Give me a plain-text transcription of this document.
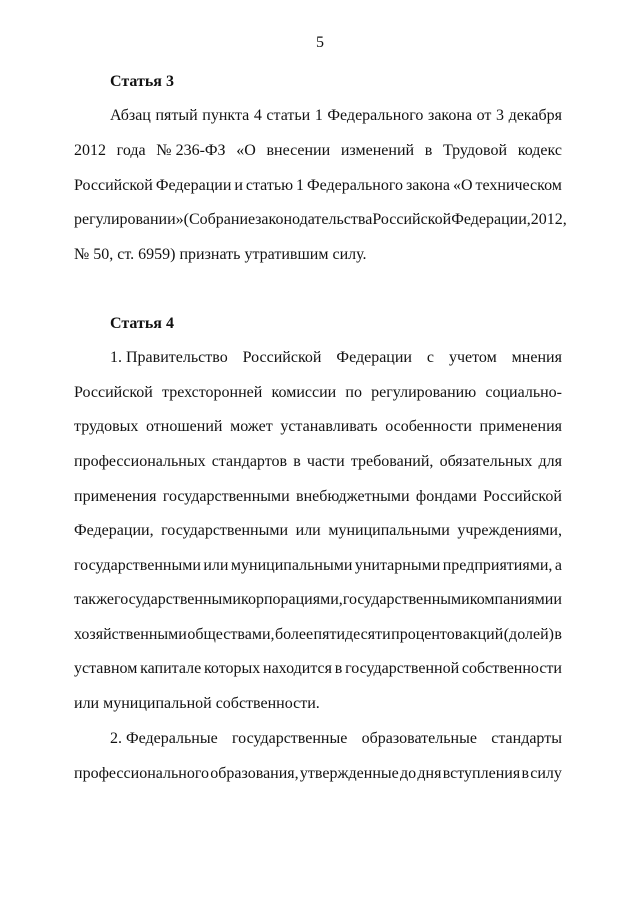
5
Статья 3
Абзац пятый пункта 4 статьи 1 Федерального закона от 3 декабря
2012 года № 236-ФЗ «О внесении изменений в Трудовой кодекс
Российской Федерации и статью 1 Федерального закона «О техническом
регулировании» (Собрание законодательства Российской Федерации, 2012,
№ 50, ст. 6959) признать утратившим силу.
Статья 4
1. Правительство Российской Федерации с учетом мнения
Российской трехсторонней комиссии по регулированию социально-
трудовых отношений может устанавливать особенности применения
профессиональных стандартов в части требований, обязательных для
применения государственными внебюджетными фондами Российской
Федерации, государственными или муниципальными учреждениями,
государственными или муниципальными унитарными предприятиями, а
также государственными корпорациями, государственными компаниями и
хозяйственными обществами, более пятидесяти процентов акций (долей) в
уставном капитале которых находится в государственной собственности
или муниципальной собственности.
2. Федеральные государственные образовательные стандарты
профессионального образования, утвержденные до дня вступления в силу
